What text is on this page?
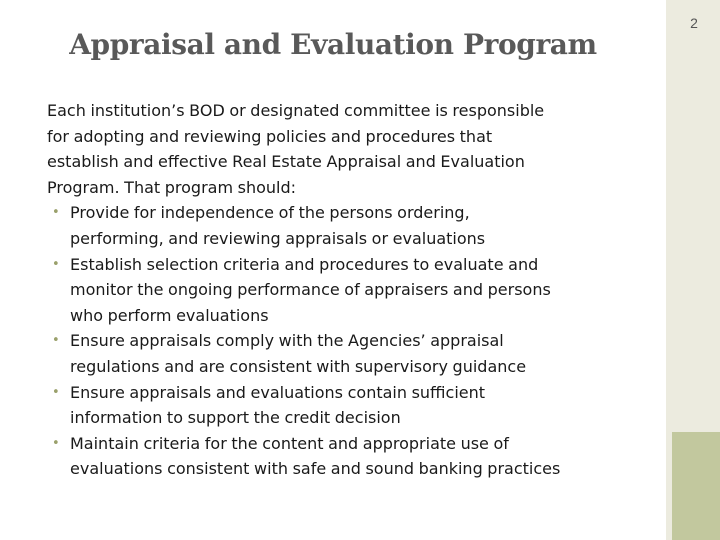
2
Appraisal and Evaluation Program

Each institution’s BOD or designated committee is responsible
for adopting and reviewing policies and procedures that
establish and effective Real Estate Appraisal and Evaluation
Program. That program should:

• Provide for independence of the persons ordering,
performing, and reviewing appraisals or evaluations
• Establish selection criteria and procedures to evaluate and
monitor the ongoing performance of appraisers and persons
who perform evaluations
• Ensure appraisals comply with the Agencies’ appraisal
regulations and are consistent with supervisory guidance
• Ensure appraisals and evaluations contain sufficient
information to support the credit decision
• Maintain criteria for the content and appropriate use of
evaluations consistent with safe and sound banking practices
